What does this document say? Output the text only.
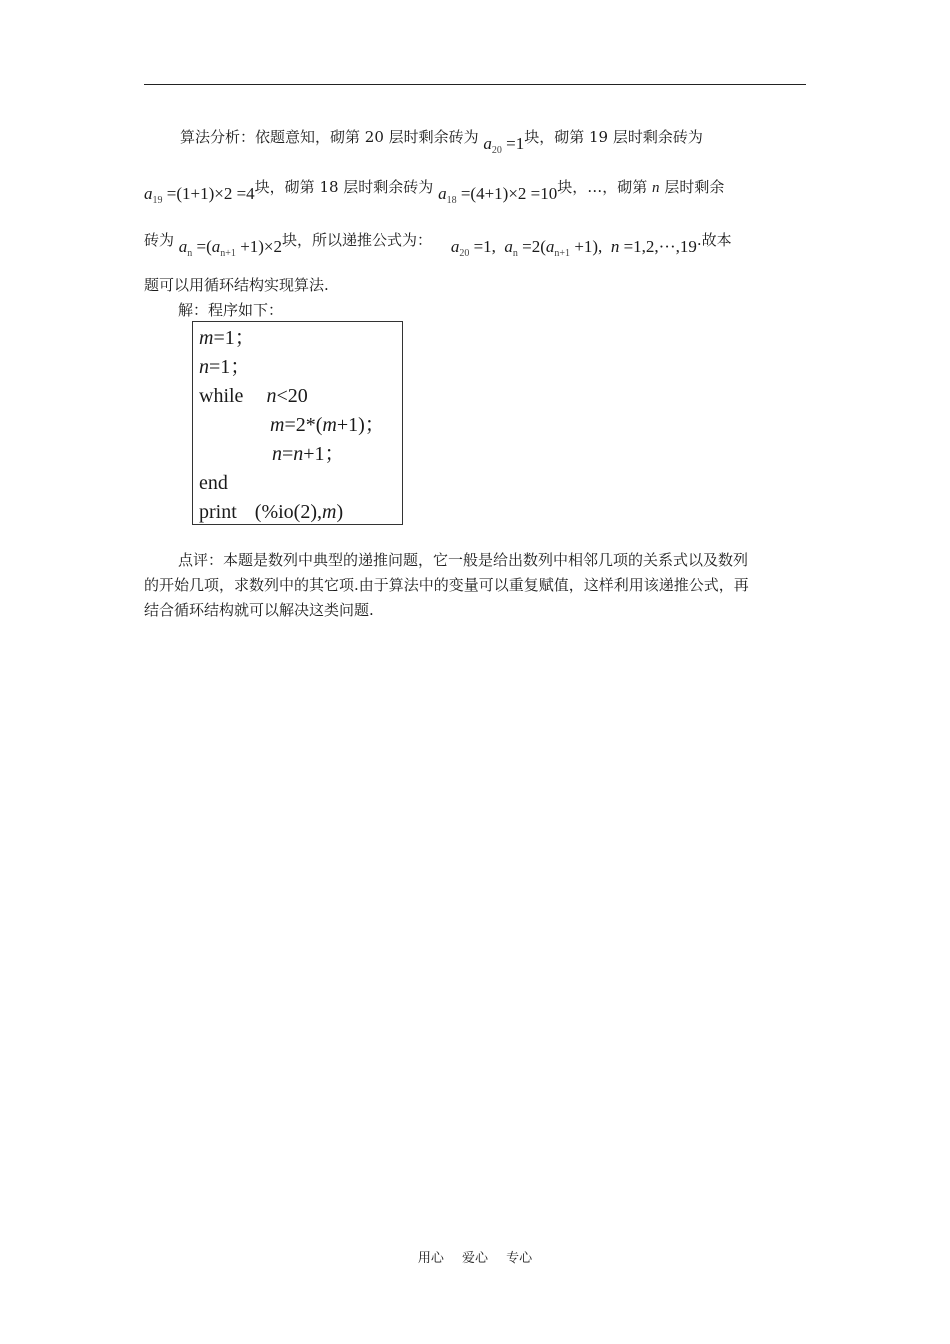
算法分析：依题意知，砌第 20 层时剩余砖为 $a_{20} =1$块，砌第 19 层时剩余砖为
$a_{19} =(1+1)\times 2 =4$块，砌第 18 层时剩余砖为 $a_{18} =(4+1)\times 2 =10$块，…，砌第 n 层时剩余
砖为 $a_n =(a_{n+1} +1)\times 2$块，所以递推公式为： $a_{20} =1$, $a_n =2(a_{n+1} +1)$, n =1,2,···,19.故本
题可以用循环结构实现算法.
解：程序如下：
m=1；
n=1；
while n<20
m=2*(m+1)；
n=n+1；
end
print (%io(2),m)
点评：本题是数列中典型的递推问题，它一般是给出数列中相邻几项的关系式以及数列
的开始几项，求数列中的其它项.由于算法中的变量可以重复赋值，这样利用该递推公式，再
结合循环结构就可以解决这类问题.
用心 爱心 专心
